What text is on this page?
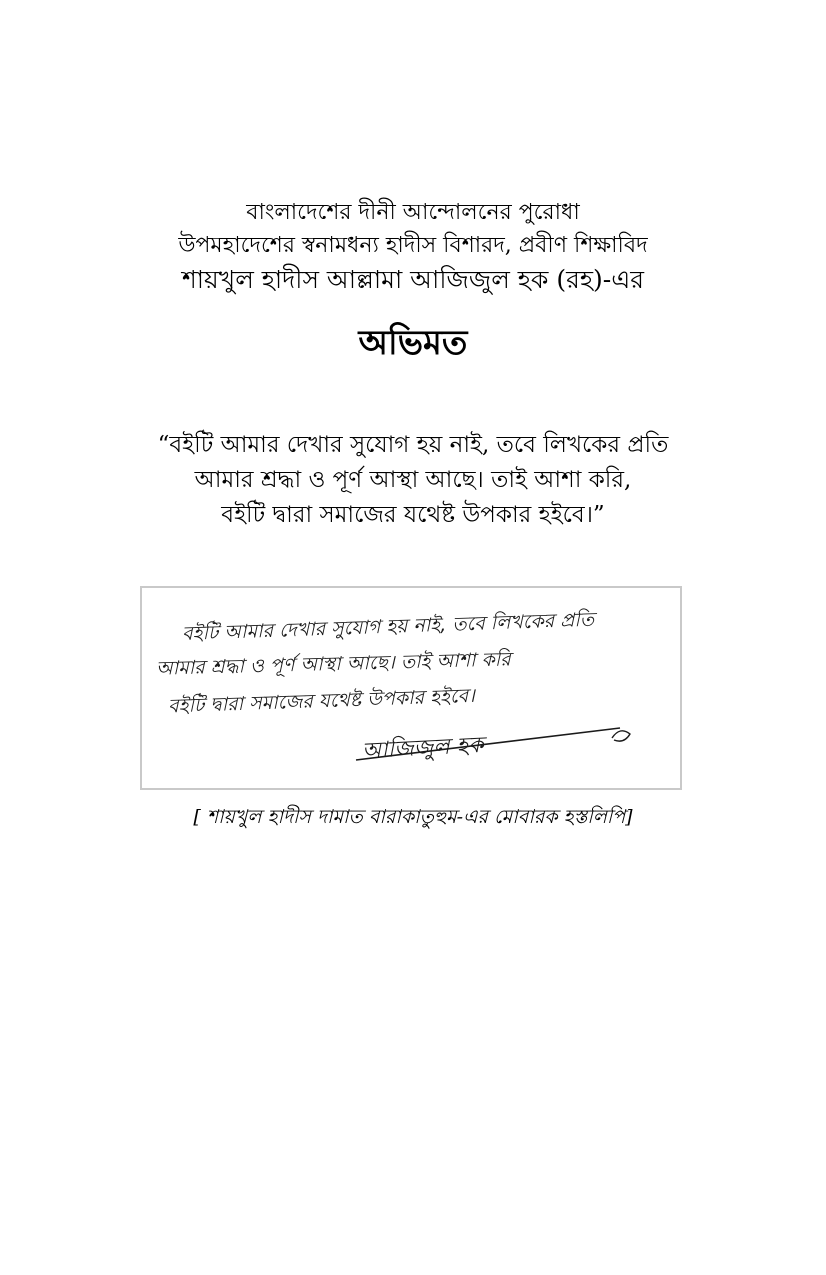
বাংলাদেশের দীনী আন্দোলনের পুরোধা
উপমহাদেশের স্বনামধন্য হাদীস বিশারদ, প্রবীণ শিক্ষাবিদ
শায়খুল হাদীস আল্লামা আজিজুল হক (রহ)-এর
অভিমত
“বইটি আমার দেখার সুযোগ হয় নাই, তবে লিখকের প্রতি
আমার শ্রদ্ধা ও পূর্ণ আস্থা আছে। তাই আশা করি,
বইটি দ্বারা সমাজের যথেষ্ট উপকার হইবে।”
বইটি আমার দেখার সুযোগ হয় নাই, তবে লিখকের প্রতি
আমার শ্রদ্ধা ও পূর্ণ আস্থা আছে। তাই আশা করি
বইটি দ্বারা সমাজের যথেষ্ট উপকার হইবে।
আজিজুল হক
[ শায়খুল হাদীস দামাত বারাকাতুহুম-এর মোবারক হস্তলিপি]
